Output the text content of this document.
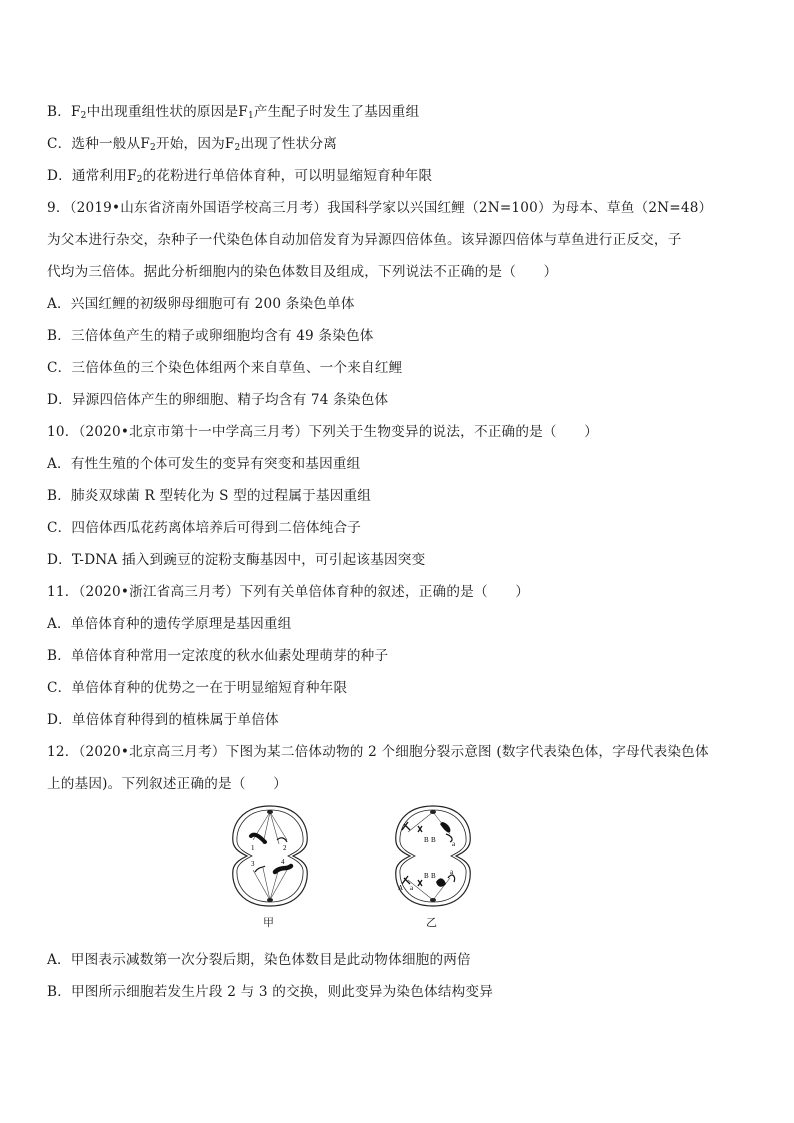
B．$F_2$中出现重组性状的原因是$F_1$产生配子时发生了基因重组
C．选种一般从$F_2$开始，因为$F_2$出现了性状分离
D．通常利用$F_2$的花粉进行单倍体育种，可以明显缩短育种年限
9．（2019•山东省济南外国语学校高三月考）我国科学家以兴国红鲤（2N=100）为母本、草鱼（2N=48）
为父本进行杂交，杂种子一代染色体自动加倍发育为异源四倍体鱼。该异源四倍体与草鱼进行正反交，子
代均为三倍体。据此分析细胞内的染色体数目及组成，下列说法不正确的是（　　）
A．兴国红鲤的初级卵母细胞可有 200 条染色单体
B．三倍体鱼产生的精子或卵细胞均含有 49 条染色体
C．三倍体鱼的三个染色体组两个来自草鱼、一个来自红鲤
D．异源四倍体产生的卵细胞、精子均含有 74 条染色体
10．（2020•北京市第十一中学高三月考）下列关于生物变异的说法，不正确的是（　　）
A．有性生殖的个体可发生的变异有突变和基因重组
B．肺炎双球菌 R 型转化为 S 型的过程属于基因重组
C．四倍体西瓜花药离体培养后可得到二倍体纯合子
D．T-DNA 插入到豌豆的淀粉支酶基因中，可引起该基因突变
11．（2020•浙江省高三月考）下列有关单倍体育种的叙述，正确的是（　　）
A．单倍体育种的遗传学原理是基因重组
B．单倍体育种常用一定浓度的秋水仙素处理萌芽的种子
C．单倍体育种的优势之一在于明显缩短育种年限
D．单倍体育种得到的植株属于单倍体
12．（2020•北京高三月考）下图为某二倍体动物的 2 个细胞分裂示意图 (数字代表染色体，字母代表染色体
上的基因)。下列叙述正确的是（　　）
1	2
3	4
甲
B B a
B B a
A a
乙
A．甲图表示减数第一次分裂后期，染色体数目是此动物体细胞的两倍
B．甲图所示细胞若发生片段 2 与 3 的交换，则此变异为染色体结构变异
